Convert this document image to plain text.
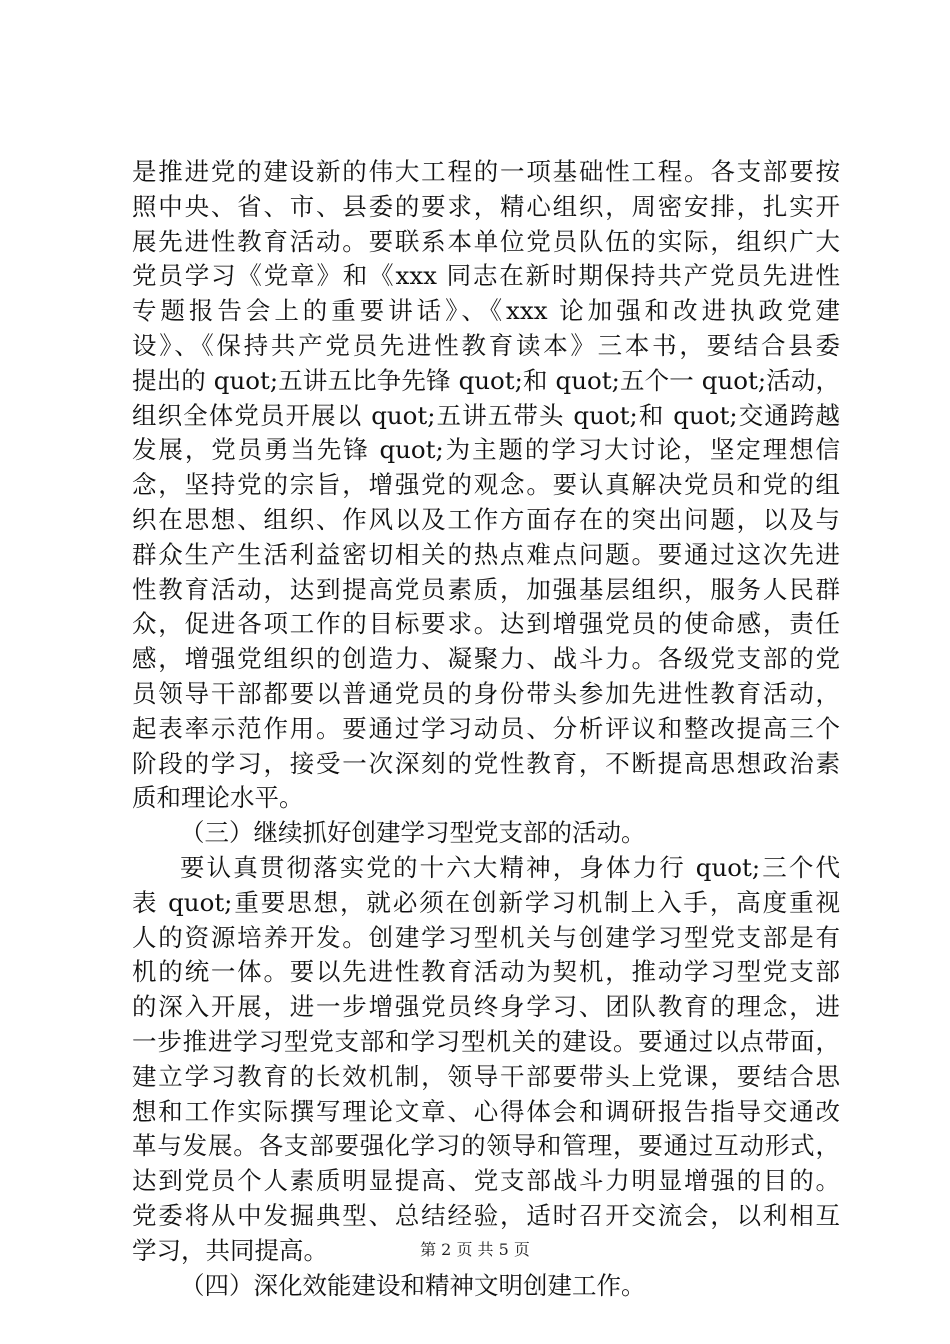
是推进党的建设新的伟大工程的一项基础性工程。各支部要按
照中央、省、市、县委的要求，精心组织，周密安排，扎实开
展先进性教育活动。要联系本单位党员队伍的实际，组织广大
党员学习《党章》和《xxx 同志在新时期保持共产党员先进性
专题报告会上的重要讲话》、《xxx 论加强和改进执政党建
设》、《保持共产党员先进性教育读本》三本书，要结合县委
提出的 quot;五讲五比争先锋 quot;和 quot;五个一 quot;活动，
组织全体党员开展以 quot;五讲五带头 quot;和 quot;交通跨越
发展，党员勇当先锋 quot;为主题的学习大讨论，坚定理想信
念，坚持党的宗旨，增强党的观念。要认真解决党员和党的组
织在思想、组织、作风以及工作方面存在的突出问题，以及与
群众生产生活利益密切相关的热点难点问题。要通过这次先进
性教育活动，达到提高党员素质，加强基层组织，服务人民群
众，促进各项工作的目标要求。达到增强党员的使命感，责任
感，增强党组织的创造力、凝聚力、战斗力。各级党支部的党
员领导干部都要以普通党员的身份带头参加先进性教育活动，
起表率示范作用。要通过学习动员、分析评议和整改提高三个
阶段的学习，接受一次深刻的党性教育，不断提高思想政治素
质和理论水平。
（三）继续抓好创建学习型党支部的活动。
要认真贯彻落实党的十六大精神，身体力行 quot;三个代
表 quot;重要思想，就必须在创新学习机制上入手，高度重视
人的资源培养开发。创建学习型机关与创建学习型党支部是有
机的统一体。要以先进性教育活动为契机，推动学习型党支部
的深入开展，进一步增强党员终身学习、团队教育的理念，进
一步推进学习型党支部和学习型机关的建设。要通过以点带面，
建立学习教育的长效机制，领导干部要带头上党课，要结合思
想和工作实际撰写理论文章、心得体会和调研报告指导交通改
革与发展。各支部要强化学习的领导和管理，要通过互动形式，
达到党员个人素质明显提高、党支部战斗力明显增强的目的。
党委将从中发掘典型、总结经验，适时召开交流会，以利相互
学习，共同提高。
（四）深化效能建设和精神文明创建工作。
第 2 页 共 5 页
